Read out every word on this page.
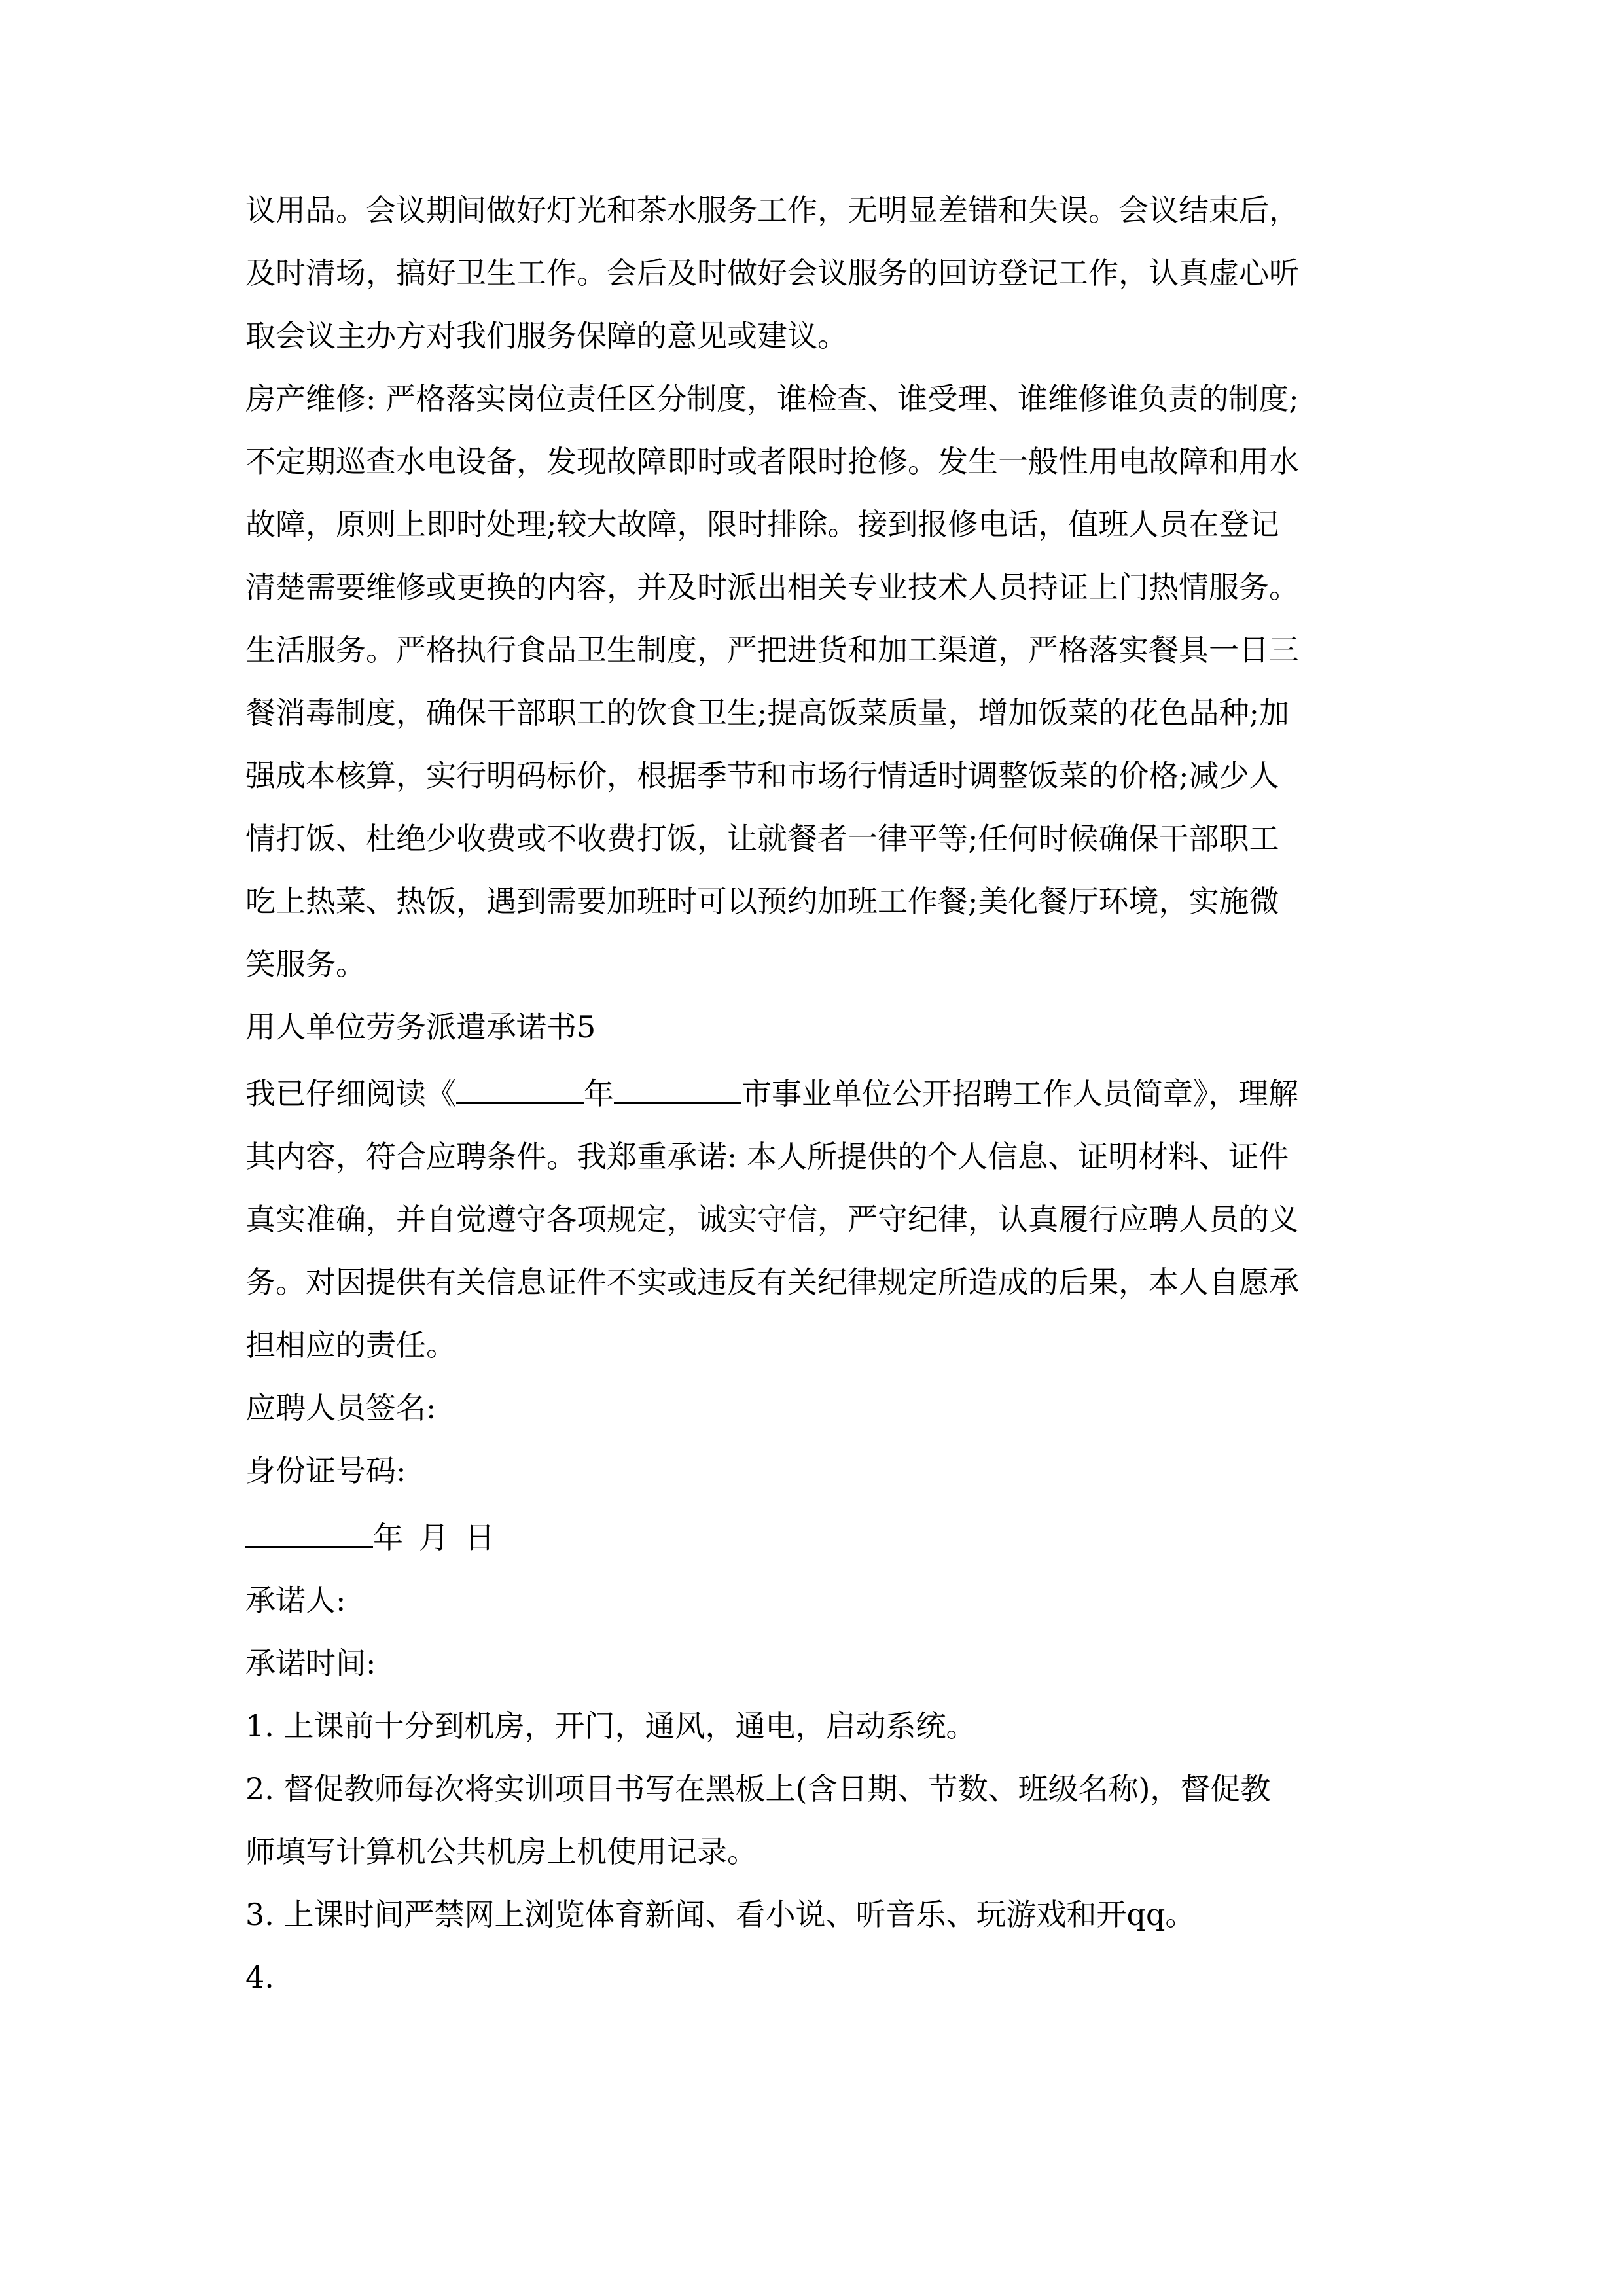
议用品。会议期间做好灯光和茶水服务工作，无明显差错和失误。会议结束后，
及时清场，搞好卫生工作。会后及时做好会议服务的回访登记工作，认真虚心听
取会议主办方对我们服务保障的意见或建议。
房产维修: 严格落实岗位责任区分制度，谁检查、谁受理、谁维修谁负责的制度;
不定期巡查水电设备，发现故障即时或者限时抢修。发生一般性用电故障和用水
故障，原则上即时处理;较大故障，限时排除。接到报修电话，值班人员在登记
清楚需要维修或更换的内容，并及时派出相关专业技术人员持证上门热情服务。
生活服务。严格执行食品卫生制度，严把进货和加工渠道，严格落实餐具一日三
餐消毒制度，确保干部职工的饮食卫生;提高饭菜质量，增加饭菜的花色品种;加
强成本核算，实行明码标价，根据季节和市场行情适时调整饭菜的价格;减少人
情打饭、杜绝少收费或不收费打饭，让就餐者一律平等;任何时候确保干部职工
吃上热菜、热饭，遇到需要加班时可以预约加班工作餐;美化餐厅环境，实施微
笑服务。
用人单位劳务派遣承诺书5
我已仔细阅读《	年	市事业单位公开招聘工作人员简章》，理解
其内容，符合应聘条件。我郑重承诺: 本人所提供的个人信息、证明材料、证件
真实准确，并自觉遵守各项规定，诚实守信，严守纪律，认真履行应聘人员的义
务。对因提供有关信息证件不实或违反有关纪律规定所造成的后果，本人自愿承
担相应的责任。
应聘人员签名:
身份证号码:
年 月 日
承诺人:
承诺时间:
1. 上课前十分到机房，开门，通风，通电，启动系统。
2. 督促教师每次将实训项目书写在黑板上(含日期、节数、班级名称)，督促教
师填写计算机公共机房上机使用记录。
3. 上课时间严禁网上浏览体育新闻、看小说、听音乐、玩游戏和开qq。
4.
